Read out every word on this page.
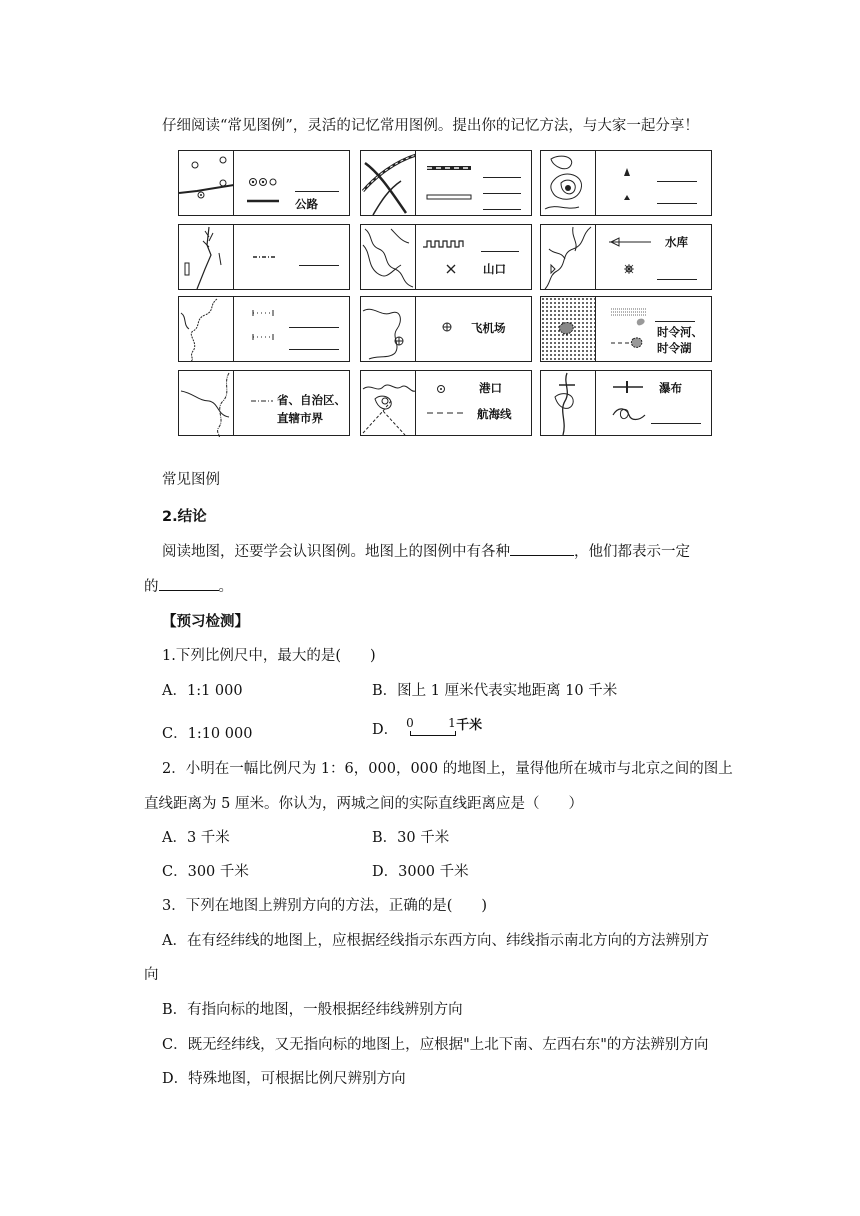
仔细阅读“常见图例”，灵活的记忆常用图例。提出你的记忆方法，与大家一起分享！
公路
山口
水库
飞机场	时令河、
时令湖
省、自治区、
直辖市界
港口
航海线
瀑布
常见图例
2.结论
阅读地图，还要学会认识图例。地图上的图例中有各种	，他们都表示一定
的	。
【预习检测】
1.下列比例尺中，最大的是(　　)
A．1:1 000	B．图上 1 厘米代表实地距离 10 千米
C．1:10 000	D． 0	1 千米
2．小明在一幅比例尺为 1：6，000，000 的地图上，量得他所在城市与北京之间的图上
直线距离为 5 厘米。你认为，两城之间的实际直线距离应是（　　）
A．3 千米	B．30 千米
C．300 千米	D．3000 千米
3．下列在地图上辨别方向的方法，正确的是(　　)
A．在有经纬线的地图上，应根据经线指示东西方向、纬线指示南北方向的方法辨别方
向
B．有指向标的地图，一般根据经纬线辨别方向
C．既无经纬线，又无指向标的地图上，应根据"上北下南、左西右东"的方法辨别方向
D．特殊地图，可根据比例尺辨别方向
